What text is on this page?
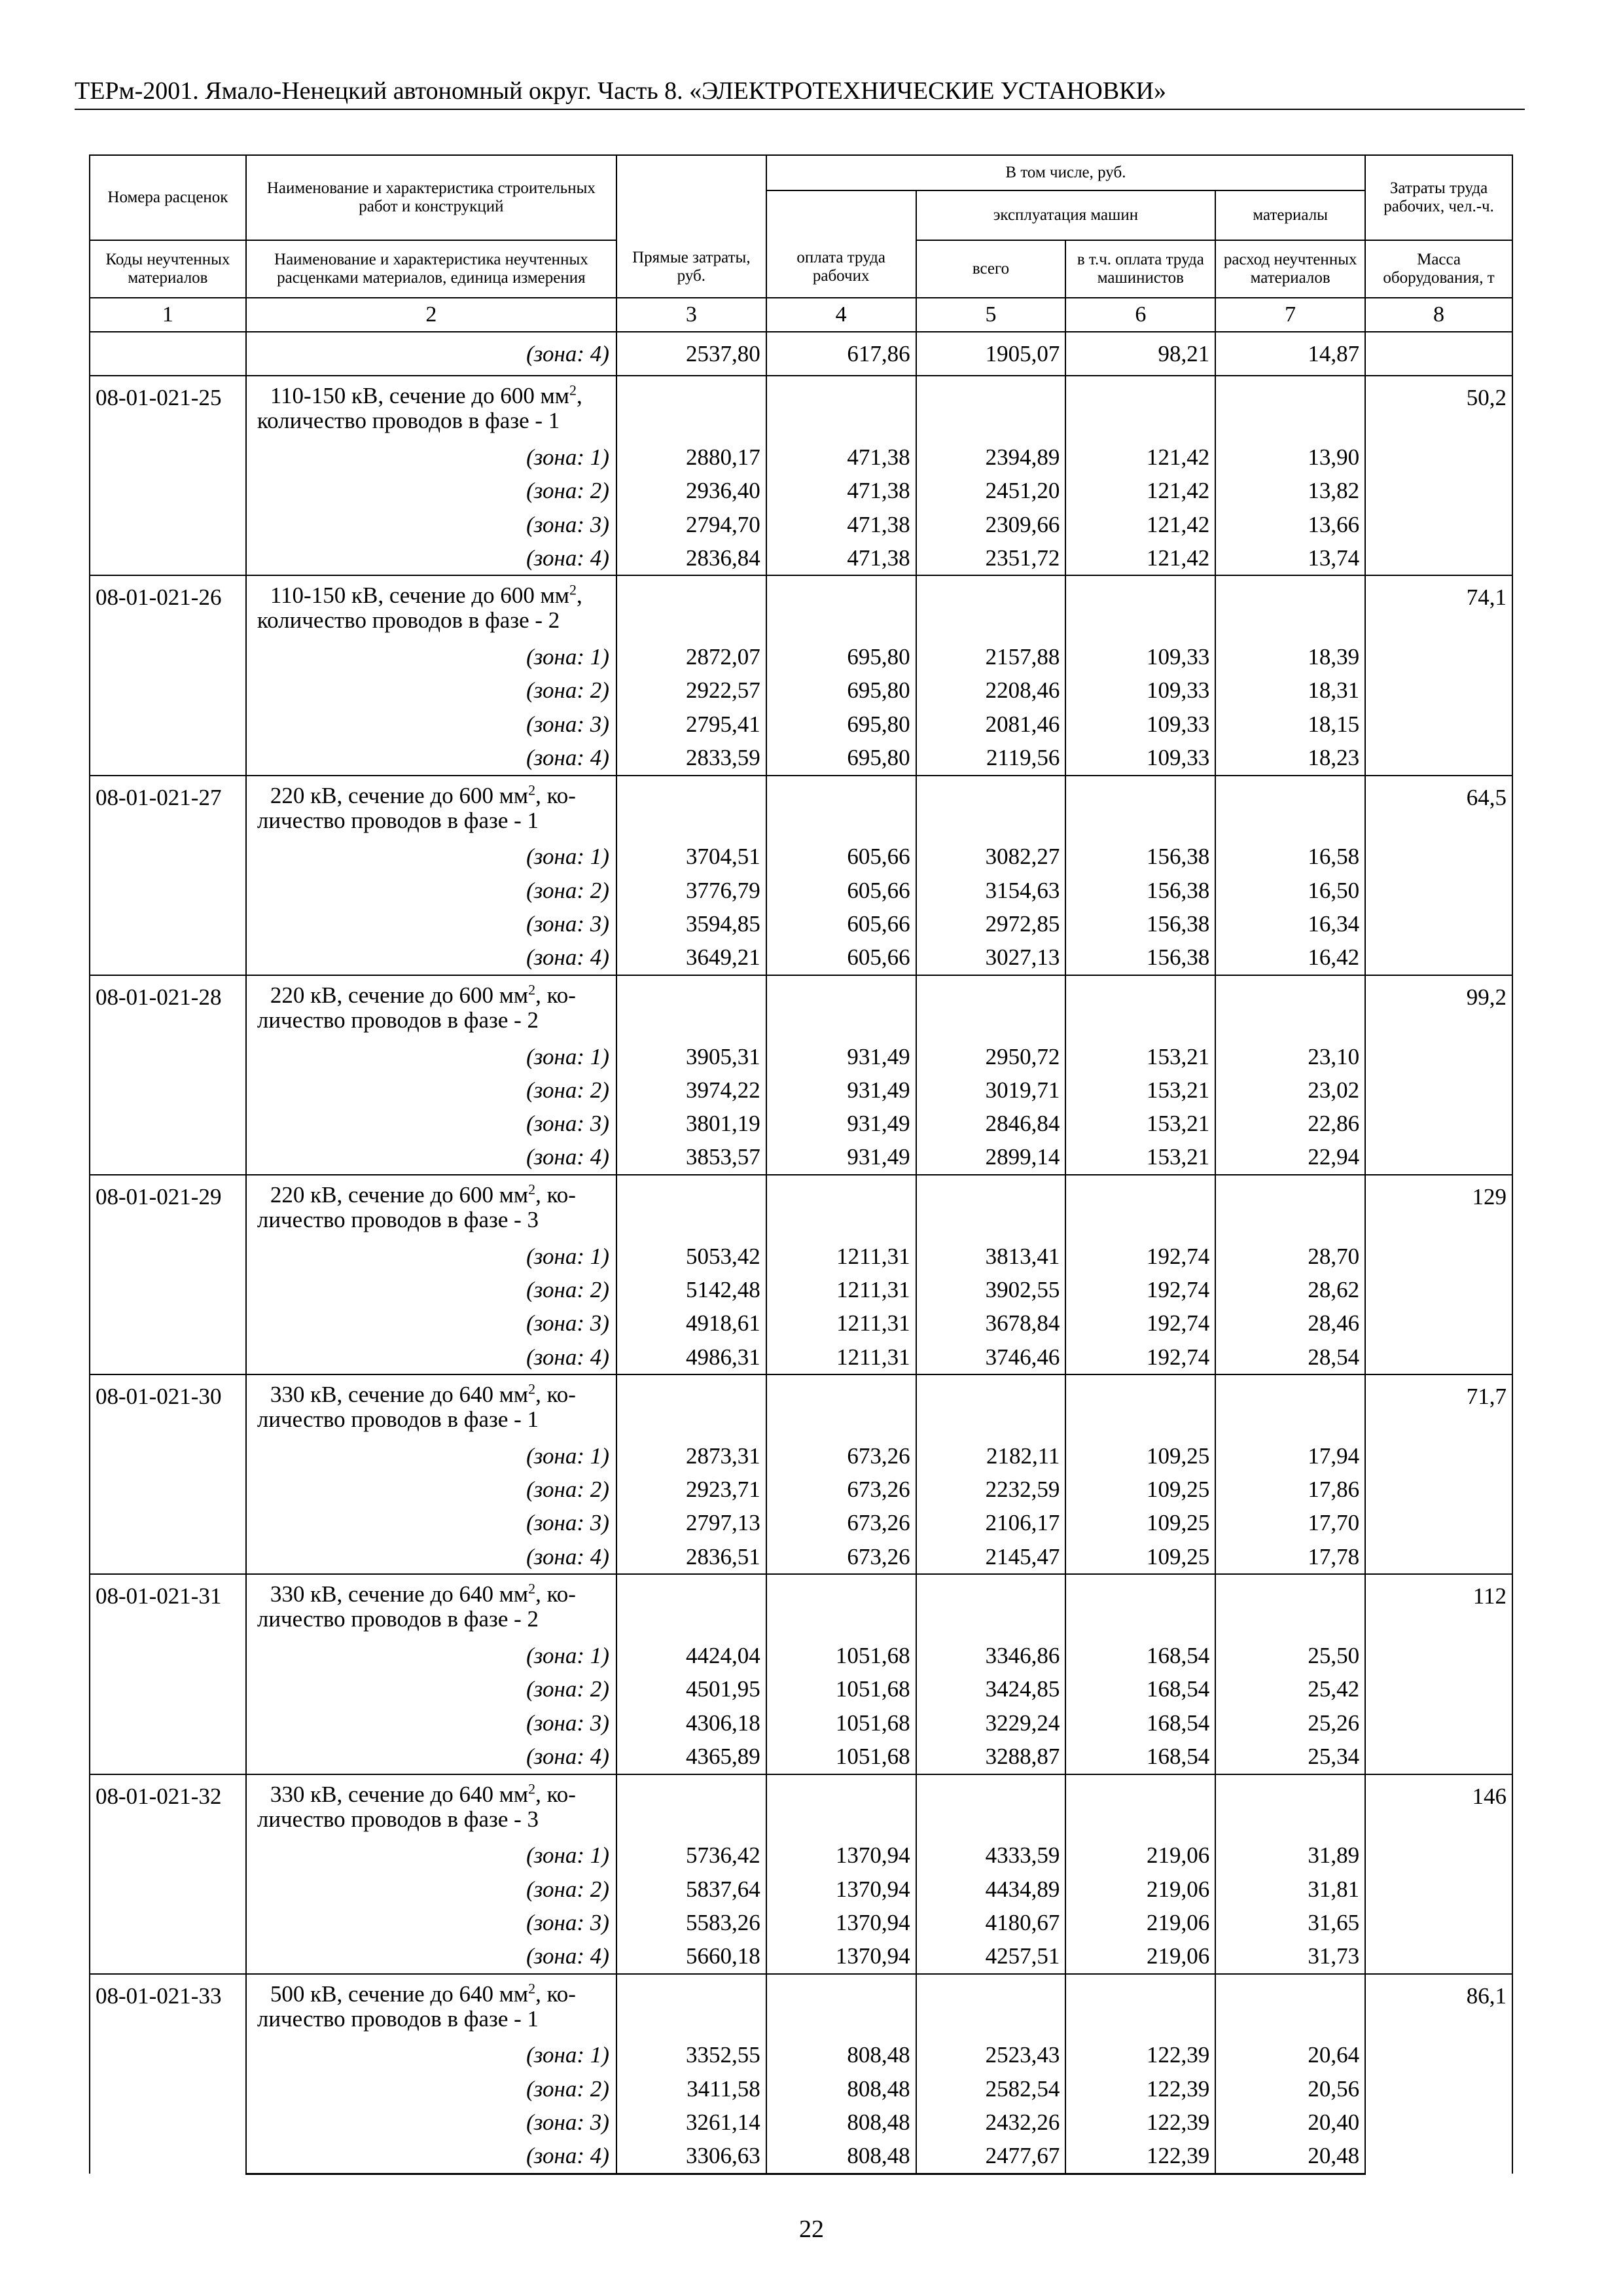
ТЕРм-2001. Ямало-Ненецкий автономный округ. Часть 8. «ЭЛЕКТРОТЕХНИЧЕСКИЕ УСТАНОВКИ»
Номера расценок	Наименование и характеристика строительных работ и конструкций	Прямые затраты, руб.	В том числе, руб.				Затраты труда рабочих, чел.-ч.
			оплата труда рабочих	эксплуатация машин		материалы	
Коды неучтенных материалов	Наименование и характеристика неучтенных расценками материалов, единица измерения			всего	в т.ч. оплата труда машинистов	расход неучтенных материалов	Масса оборудования, т
1	2	3	4	5	6	7	8
	(зона: 4)	2537,80	617,86	1905,07	98,21	14,87	
08-01-021-25	110-150 кВ, сечение до 600 $мм^2$,
количество проводов в фазе - 1						50,2
	(зона: 1)	2880,17	471,38	2394,89	121,42	13,90	
	(зона: 2)	2936,40	471,38	2451,20	121,42	13,82	
	(зона: 3)	2794,70	471,38	2309,66	121,42	13,66	
	(зона: 4)	2836,84	471,38	2351,72	121,42	13,74	
08-01-021-26	110-150 кВ, сечение до 600 $мм^2$,
количество проводов в фазе - 2						74,1
	(зона: 1)	2872,07	695,80	2157,88	109,33	18,39	
	(зона: 2)	2922,57	695,80	2208,46	109,33	18,31	
	(зона: 3)	2795,41	695,80	2081,46	109,33	18,15	
	(зона: 4)	2833,59	695,80	2119,56	109,33	18,23	
08-01-021-27	220 кВ, сечение до 600 $мм^2$, ко-
личество проводов в фазе - 1						64,5
	(зона: 1)	3704,51	605,66	3082,27	156,38	16,58	
	(зона: 2)	3776,79	605,66	3154,63	156,38	16,50	
	(зона: 3)	3594,85	605,66	2972,85	156,38	16,34	
	(зона: 4)	3649,21	605,66	3027,13	156,38	16,42	
08-01-021-28	220 кВ, сечение до 600 $мм^2$, ко-
личество проводов в фазе - 2						99,2
	(зона: 1)	3905,31	931,49	2950,72	153,21	23,10	
	(зона: 2)	3974,22	931,49	3019,71	153,21	23,02	
	(зона: 3)	3801,19	931,49	2846,84	153,21	22,86	
	(зона: 4)	3853,57	931,49	2899,14	153,21	22,94	
08-01-021-29	220 кВ, сечение до 600 $мм^2$, ко-
личество проводов в фазе - 3						129
	(зона: 1)	5053,42	1211,31	3813,41	192,74	28,70	
	(зона: 2)	5142,48	1211,31	3902,55	192,74	28,62	
	(зона: 3)	4918,61	1211,31	3678,84	192,74	28,46	
	(зона: 4)	4986,31	1211,31	3746,46	192,74	28,54	
08-01-021-30	330 кВ, сечение до 640 $мм^2$, ко-
личество проводов в фазе - 1						71,7
	(зона: 1)	2873,31	673,26	2182,11	109,25	17,94	
	(зона: 2)	2923,71	673,26	2232,59	109,25	17,86	
	(зона: 3)	2797,13	673,26	2106,17	109,25	17,70	
	(зона: 4)	2836,51	673,26	2145,47	109,25	17,78	
08-01-021-31	330 кВ, сечение до 640 $мм^2$, ко-
личество проводов в фазе - 2						112
	(зона: 1)	4424,04	1051,68	3346,86	168,54	25,50	
	(зона: 2)	4501,95	1051,68	3424,85	168,54	25,42	
	(зона: 3)	4306,18	1051,68	3229,24	168,54	25,26	
	(зона: 4)	4365,89	1051,68	3288,87	168,54	25,34	
08-01-021-32	330 кВ, сечение до 640 $мм^2$, ко-
личество проводов в фазе - 3						146
	(зона: 1)	5736,42	1370,94	4333,59	219,06	31,89	
	(зона: 2)	5837,64	1370,94	4434,89	219,06	31,81	
	(зона: 3)	5583,26	1370,94	4180,67	219,06	31,65	
	(зона: 4)	5660,18	1370,94	4257,51	219,06	31,73	
08-01-021-33	500 кВ, сечение до 640 $мм^2$, ко-
личество проводов в фазе - 1						86,1
	(зона: 1)	3352,55	808,48	2523,43	122,39	20,64	
	(зона: 2)	3411,58	808,48	2582,54	122,39	20,56	
	(зона: 3)	3261,14	808,48	2432,26	122,39	20,40	
	(зона: 4)	3306,63	808,48	2477,67	122,39	20,48	
22
